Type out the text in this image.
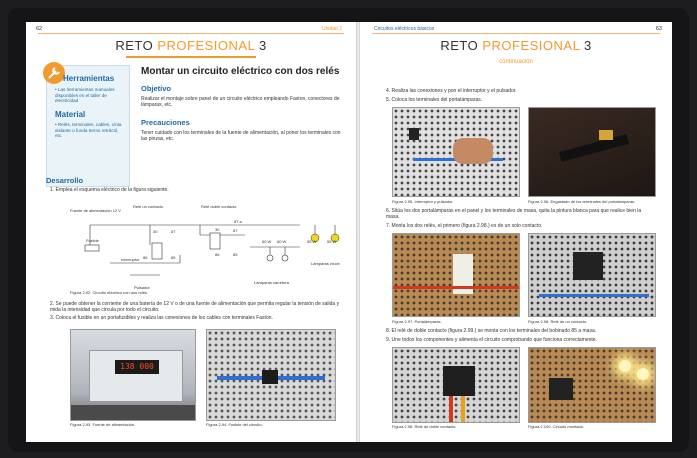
62	Unidad 2
RETO PROFESIONAL 3
Herramientas
• Las herramientas manuales disponibles en el taller de electricidad
Material
• Relés, terminales, cables, cinta aislante o funda termo retráctil, etc.
Montar un circuito eléctrico con dos relés
Objetivo
Realizar el montaje sobre panel de un circuito eléctrico empleando Faston, conectores de lámparas, etc.
Precauciones
Tener cuidado con los terminales de la fuente de alimentación, al poner los terminales con las pinzas, etc.
Desarrollo
1. Emplea el esquema eléctrico de la figura siguiente.
Fuente de alimentación 12 V
Relé un contacto	Relé doble contacto
Fusible
Interruptor
Pulsador
Lámparas cruce
Lámparas carretera
60 W 60 W	55 W	55 W
30	87
85
86
30
87 a
87
86	85
Figura 2.92. Circuito eléctrico con dos relés.
2. Se puede obtener la corriente de una batería de 12 V o de una fuente de alimentación que permita regular la tensión de salida y mida la intensidad que circula por todo el circuito.
3. Coloca el fusible en un portafusibles y realiza las conexiones de los cables con terminales Faston.
138 000
Figura 2.93. Fuente de alimentación.	Figura 2.94. Fusible del circuito.
Circuitos eléctricos básicos	63
RETO PROFESIONAL 3
continuación
4. Realiza las conexiones y pon el interruptor y el pulsador.
5. Coloca los terminales del portalámparas.
Figura 2.95. Interruptor y pulsador.	Figura 2.96. Engastado de los terminales del portalámparas.
6. Sitúa los dos portalámparas en el panel y los terminales de masa, quita la pintura blanca para que realice bien la masa.
7. Monta los dos relés, el primero (figura 2.98.) es de un solo contacto.
Figura 2.97. Portalámparas.	Figura 2.98. Relé de un contacto.
8. El relé de doble contacto (figura 2.99.) se monta con los terminales del bobinado 85 a masa.
9. Une todos los componentes y alimenta el circuito comprobando que funciona correctamente.
Figura 2.98. Relé de doble contacto.	Figura 2.100. Circuito montado.
